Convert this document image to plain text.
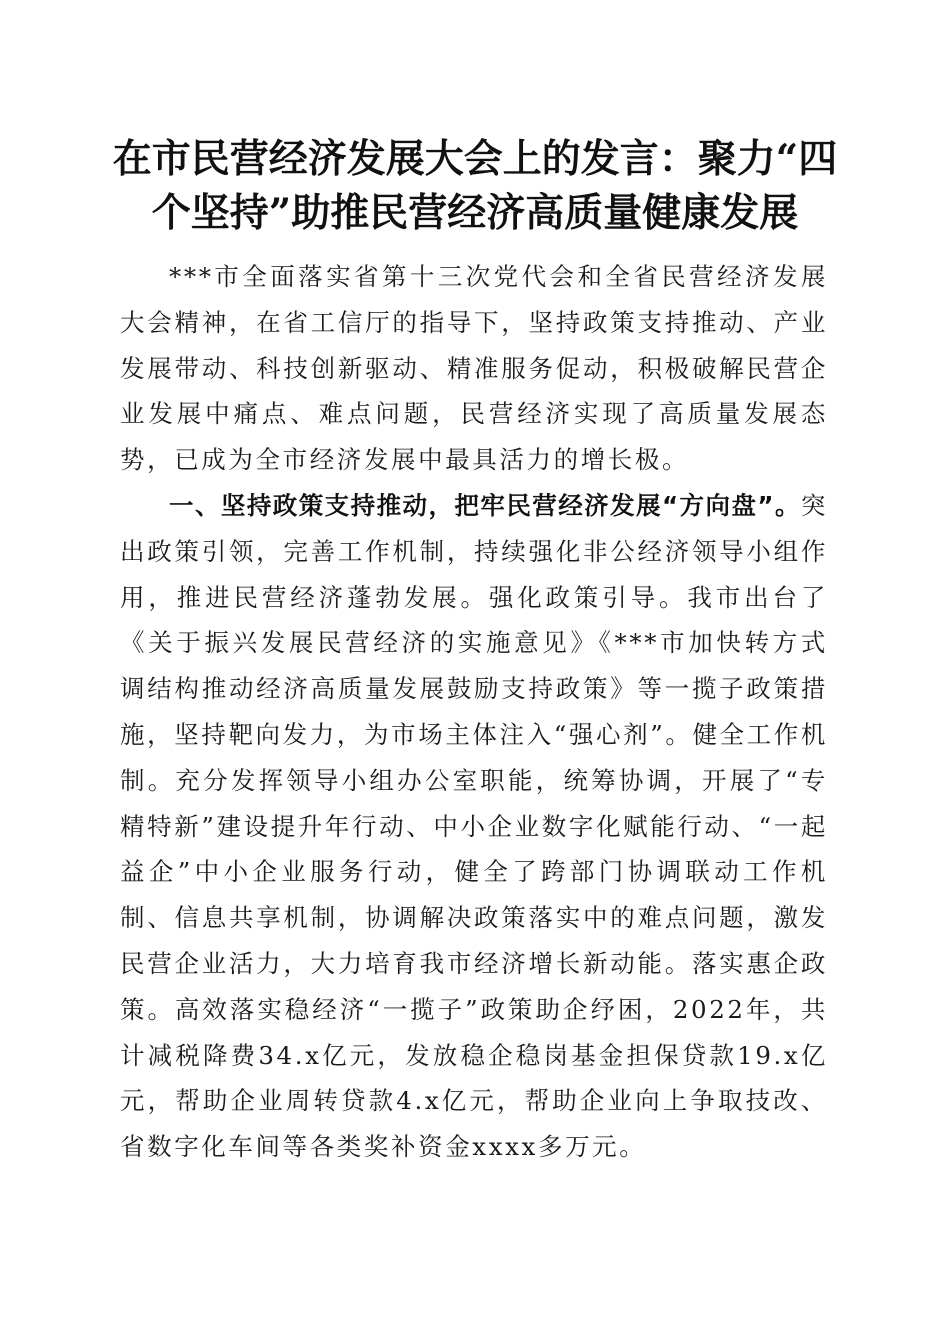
在市民营经济发展大会上的发言：聚力“四个坚持”助推民营经济高质量健康发展

***市全面落实省第十三次党代会和全省民营经济发展大会精神，在省工信厅的指导下，坚持政策支持推动、产业发展带动、科技创新驱动、精准服务促动，积极破解民营企业发展中痛点、难点问题，民营经济实现了高质量发展态势，已成为全市经济发展中最具活力的增长极。

一、坚持政策支持推动，把牢民营经济发展“方向盘”。突出政策引领，完善工作机制，持续强化非公经济领导小组作用，推进民营经济蓬勃发展。强化政策引导。我市出台了《关于振兴发展民营经济的实施意见》《***市加快转方式调结构推动经济高质量发展鼓励支持政策》等一揽子政策措施，坚持靶向发力，为市场主体注入“强心剂”。健全工作机制。充分发挥领导小组办公室职能，统筹协调，开展了“专精特新”建设提升年行动、中小企业数字化赋能行动、“一起益企”中小企业服务行动，健全了跨部门协调联动工作机制、信息共享机制，协调解决政策落实中的难点问题，激发民营企业活力，大力培育我市经济增长新动能。落实惠企政策。高效落实稳经济“一揽子”政策助企纾困，2022年，共计减税降费34.x亿元，发放稳企稳岗基金担保贷款19.x亿元，帮助企业周转贷款4.x亿元，帮助企业向上争取技改、省数字化车间等各类奖补资金xxxx多万元。
